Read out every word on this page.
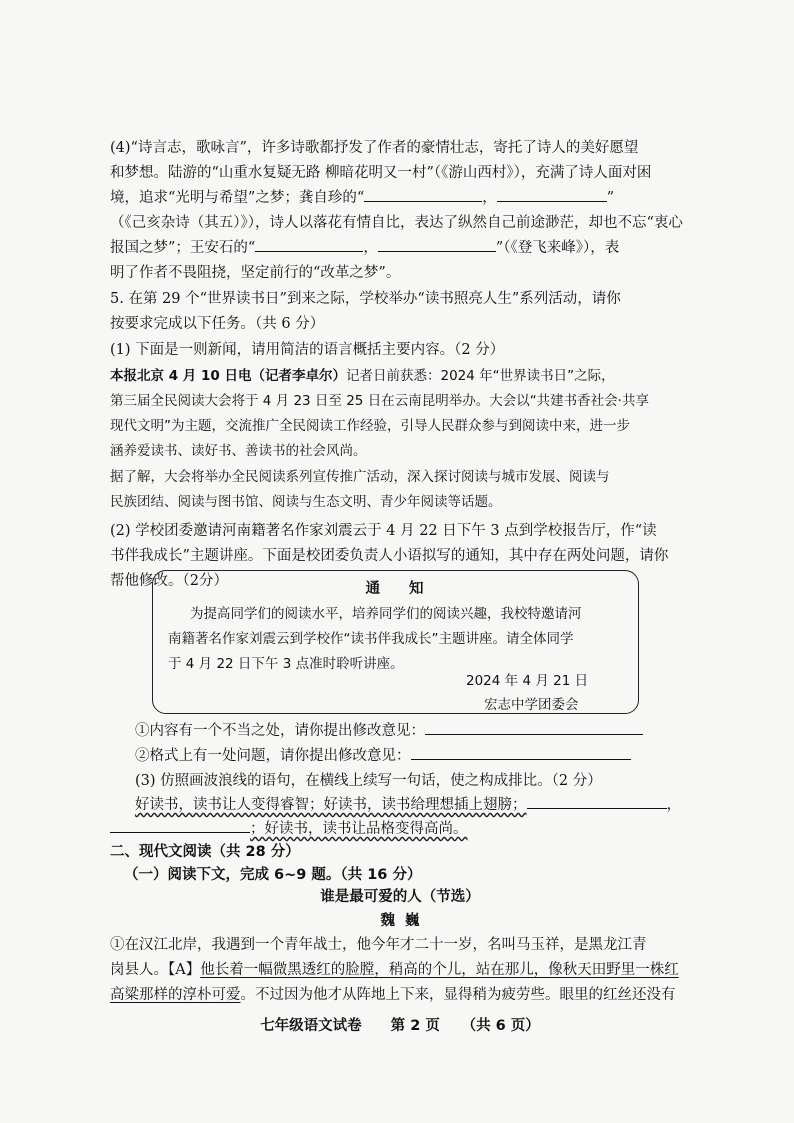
(4)“诗言志，歌咏言”，许多诗歌都抒发了作者的豪情壮志，寄托了诗人的美好愿望

和梦想。陆游的“山重水复疑无路 柳暗花明又一村”（《游山西村》），充满了诗人面对困

境，追求“光明与希望”之梦；龚自珍的“	，	”

（《己亥杂诗（其五）》），诗人以落花有情自比，表达了纵然自己前途渺茫，却也不忘“衷心

报国之梦”；王安石的“	，	”（《登飞来峰》），表

明了作者不畏阻挠，坚定前行的“改革之梦”。

5. 在第 29 个“世界读书日”到来之际，学校举办“读书照亮人生”系列活动，请你

按要求完成以下任务。（共 6 分）

(1) 下面是一则新闻，请用简洁的语言概括主要内容。（2 分）

本报北京 4 月 10 日电（记者李卓尔）记者日前获悉：2024 年“世界读书日”之际，

第三届全民阅读大会将于 4 月 23 日至 25 日在云南昆明举办。大会以“共建书香社会·共享

现代文明”为主题，交流推广全民阅读工作经验，引导人民群众参与到阅读中来，进一步

涵养爱读书、读好书、善读书的社会风尚。

据了解，大会将举办全民阅读系列宣传推广活动，深入探讨阅读与城市发展、阅读与

民族团结、阅读与图书馆、阅读与生态文明、青少年阅读等话题。

(2) 学校团委邀请河南籍著名作家刘震云于 4 月 22 日下午 3 点到学校报告厅，作“读

书伴我成长”主题讲座。下面是校团委负责人小语拟写的通知，其中存在两处问题，请你

帮他修改。（2分）	通　　知

为提高同学们的阅读水平，培养同学们的阅读兴趣，我校特邀请河

南籍著名作家刘震云到学校作“读书伴我成长”主题讲座。请全体同学

于 4 月 22 日下午 3 点准时聆听讲座。

2024 年 4 月 21 日

宏志中学团委会

①内容有一个不当之处，请你提出修改意见：

②格式上有一处问题，请你提出修改意见：

(3) 仿照画波浪线的语句，在横线上续写一句话，使之构成排比。（2 分）

好读书，读书让人变得睿智；好读书，读书给理想插上翅膀；	，

；好读书，读书让品格变得高尚。

二、现代文阅读（共 28 分）

（一）阅读下文，完成 6~9 题。（共 16 分）

谁是最可爱的人（节选）

魏  巍

①在汉江北岸，我遇到一个青年战士，他今年才二十一岁，名叫马玉祥，是黑龙江青

岗县人。【A】他长着一幅微黑透红的脸膛，稍高的个儿，站在那儿，像秋天田野里一株红

高粱那样的淳朴可爱。不过因为他才从阵地上下来，显得稍为疲劳些。眼里的红丝还没有

七年级语文试卷　　第 2 页　　（共 6 页）
